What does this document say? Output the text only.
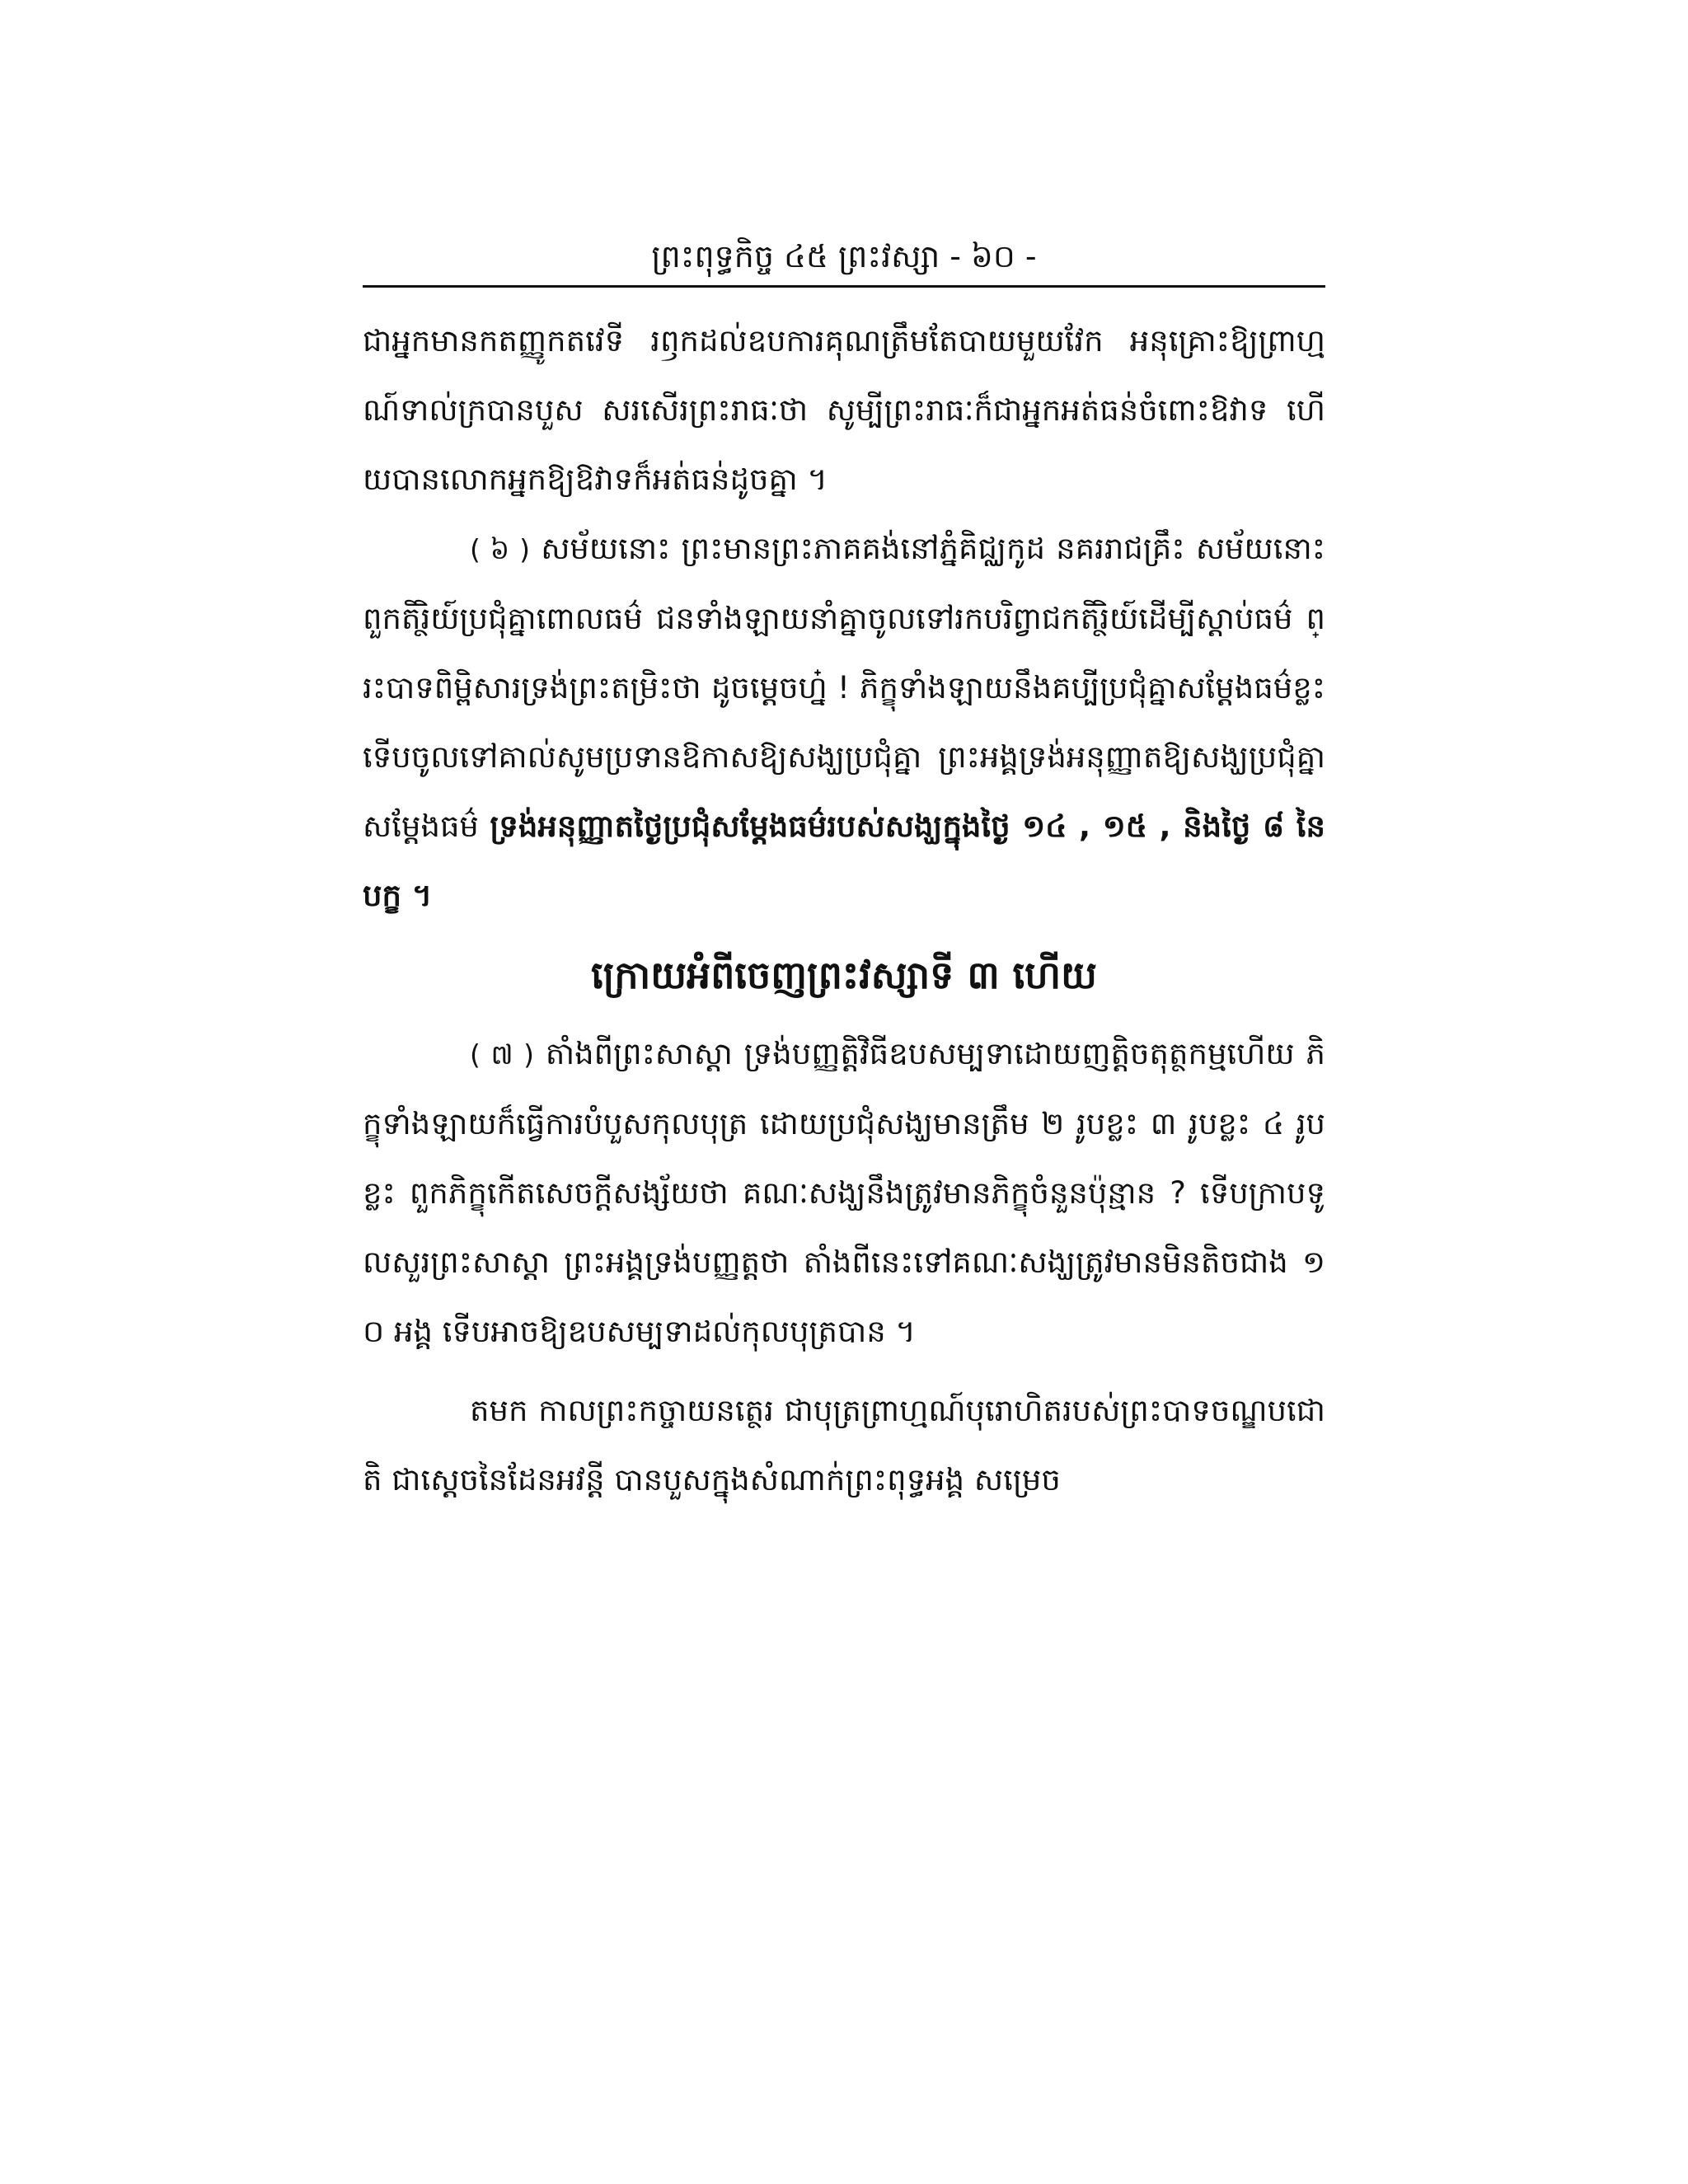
ព្រះពុទ្ធកិច្ច ៤៥ ព្រះវស្សា - ៦០ -

ជាអ្នកមានកតញ្ញូកតវេទី រឭកដល់ឧបការគុណត្រឹមតែបាយមួយវែក អនុគ្រោះឱ្យព្រាហ្មណ៍ទាល់ក្របានបួស សរសើរព្រះរាធៈថា សូម្បីព្រះរាធៈក៏ជាអ្នកអត់ធន់ចំពោះឱវាទ ហើយបានលោកអ្នកឱ្យឱវាទក៏អត់ធន់ដូចគ្នា ។

( ៦ ) សម័យនោះ ព្រះមានព្រះភាគគង់នៅភ្នំគិជ្ឈកូដ នគររាជគ្រឹះ សម័យនោះ ពួកតិរ្ថិយ៍ប្រជុំគ្នាពោលធម៌ ជនទាំងឡាយនាំគ្នាចូលទៅរកបរិព្វាជកតិរ្ថិយ៍ដើម្បីស្តាប់ធម៌ ព្រះបាទពិម្ពិសារទ្រង់ព្រះតម្រិះថា ដូចម្តេចហ្ន៎ ! ភិក្ខុទាំងឡាយនឹងគប្បីប្រជុំគ្នាសម្តែងធម៌ខ្លះ ទើបចូលទៅគាល់សូមប្រទានឱកាសឱ្យសង្ឃប្រជុំគ្នា ព្រះអង្គទ្រង់អនុញ្ញាតឱ្យសង្ឃប្រជុំគ្នាសម្តែងធម៌ ទ្រង់អនុញ្ញាតថ្ងៃប្រជុំសម្តែងធម៌របស់សង្ឃក្នុងថ្ងៃ ១៤ , ១៥ , និងថ្ងៃ ៨ នៃបក្ខ ។

ក្រោយអំពីចេញព្រះវស្សាទី ៣ ហើយ

( ៧ ) តាំងពីព្រះសាស្តា ទ្រង់បញ្ញត្តិវិធីឧបសម្បទាដោយញត្តិចតុត្ថកម្មហើយ ភិក្ខុទាំងឡាយក៏ធ្វើការបំបួសកុលបុត្រ ដោយប្រជុំសង្ឃមានត្រឹម ២ រូបខ្លះ ៣ រូបខ្លះ ៤ រូបខ្លះ ពួកភិក្ខុកើតសេចក្តីសង្ស័យថា គណៈសង្ឃនឹងត្រូវមានភិក្ខុចំនួនប៉ុន្មាន ? ទើបក្រាបទូលសួរព្រះសាស្តា ព្រះអង្គទ្រង់បញ្ញត្តថា តាំងពីនេះទៅគណៈសង្ឃត្រូវមានមិនតិចជាង ១០ អង្គ ទើបអាចឱ្យឧបសម្បទាដល់កុលបុត្របាន ។

តមក កាលព្រះកច្ចាយនត្ថេរ ជាបុត្រព្រាហ្មណ៍បុរោហិតរបស់ព្រះបាទចណ្ឌបជោតិ ជាស្តេចនៃដែនអវន្តី បានបួសក្នុងសំណាក់ព្រះពុទ្ធអង្គ សម្រេច
